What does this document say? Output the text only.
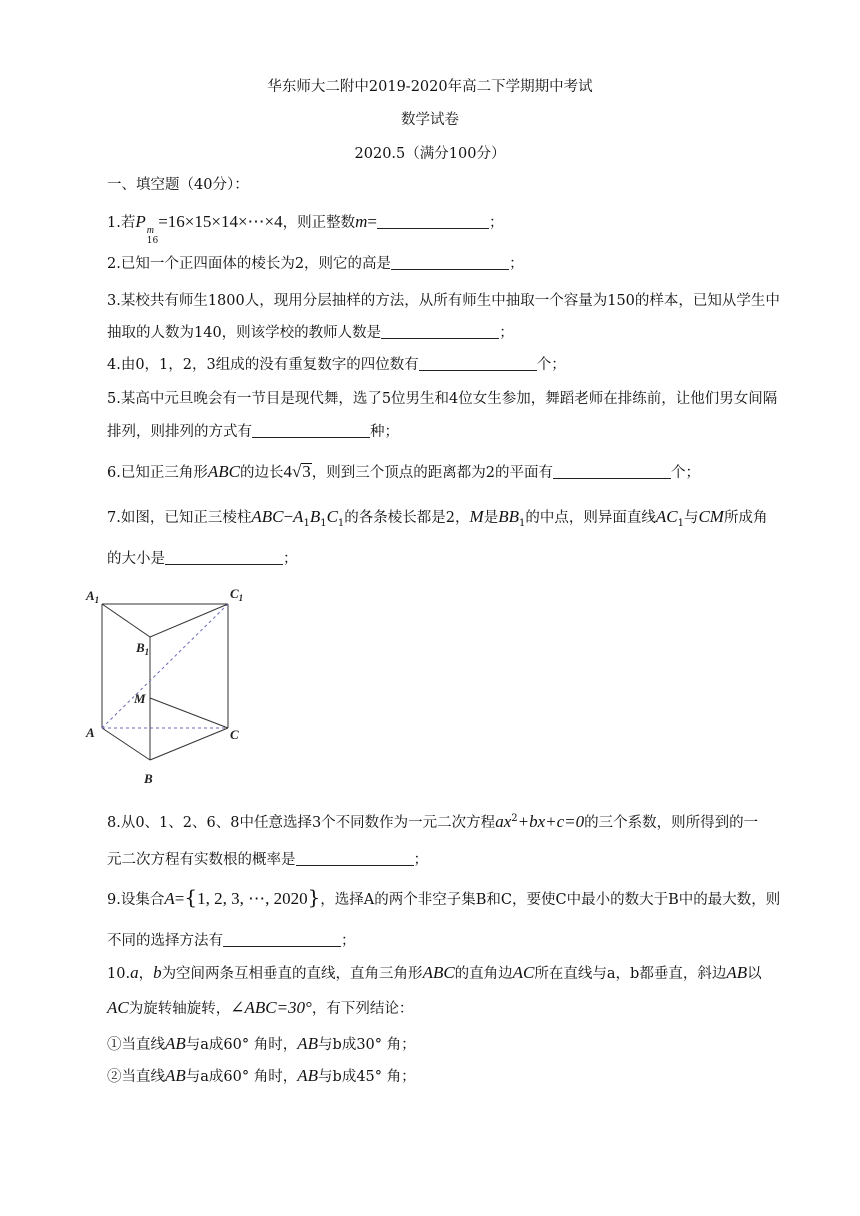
华东师大二附中2019-2020年高二下学期期中考试
数学试卷
2020.5（满分100分）
一、填空题（40分）：
1.若P m
16
=16×15×14×⋯×4，则正整数m=	；
2.已知一个正四面体的棱长为2，则它的高是	；
3.某校共有师生1800人，现用分层抽样的方法，从所有师生中抽取一个容量为150的样本，已知从学生中
抽取的人数为140，则该学校的教师人数是	；
4.由0，1，2，3组成的没有重复数字的四位数有	个；
5.某高中元旦晚会有一节目是现代舞，选了5位男生和4位女生参加，舞蹈老师在排练前，让他们男女间隔
排列，则排列的方式有	种；
6.已知正三角形ABC的边长4√3，则到三个顶点的距离都为2的平面有	个；
7.如图，已知正三棱柱$ABC-A_1B_1C_1$的各条棱长都是2，M是$BB_1$的中点，则异面直线$AC_1$与CM所成角
的大小是	；
$A_1$	$C_1$
$B_1$
M
A	C
B
8.从0、1、2、6、8中任意选择3个不同数作为一元二次方程$ax^2+bx+c=0$的三个系数，则所得到的一
元二次方程有实数根的概率是	；
9.设集合A={1, 2, 3, ⋯, 2020}，选择A的两个非空子集B和C，要使C中最小的数大于B中的最大数，则
不同的选择方法有	；
10.a，b为空间两条互相垂直的直线，直角三角形ABC的直角边AC所在直线与a，b都垂直，斜边AB以
AC为旋转轴旋转，∠ABC=30°，有下列结论：
①当直线AB与a成60° 角时，AB与b成30° 角；
②当直线AB与a成60° 角时，AB与b成45° 角；
